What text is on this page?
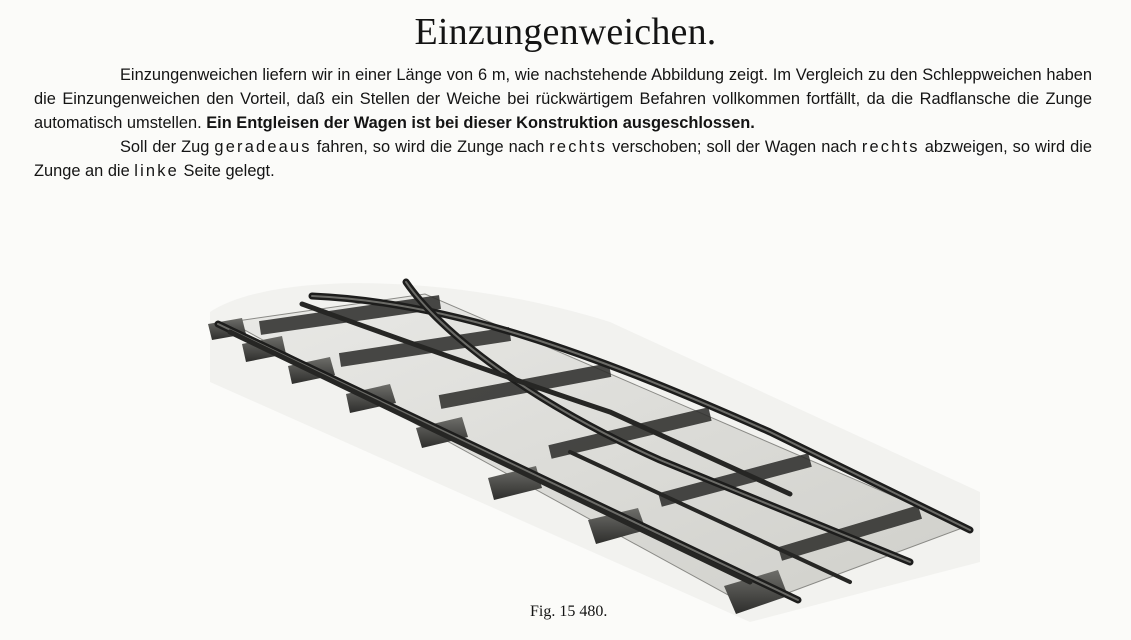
Einzungenweichen.

Einzungenweichen liefern wir in einer Länge von 6 m, wie nachstehende Abbildung zeigt. Im Vergleich zu den Schleppweichen haben die Einzungenweichen den Vorteil, daß ein Stellen der Weiche bei rückwärtigem Befahren vollkommen fortfällt, da die Radflansche die Zunge automatisch umstellen. Ein Entgleisen der Wagen ist bei dieser Konstruktion ausgeschlossen.

Soll der Zug geradeaus fahren, so wird die Zunge nach rechts verschoben; soll der Wagen nach rechts abzweigen, so wird die Zunge an die linke Seite gelegt.

Fig. 15 480.
